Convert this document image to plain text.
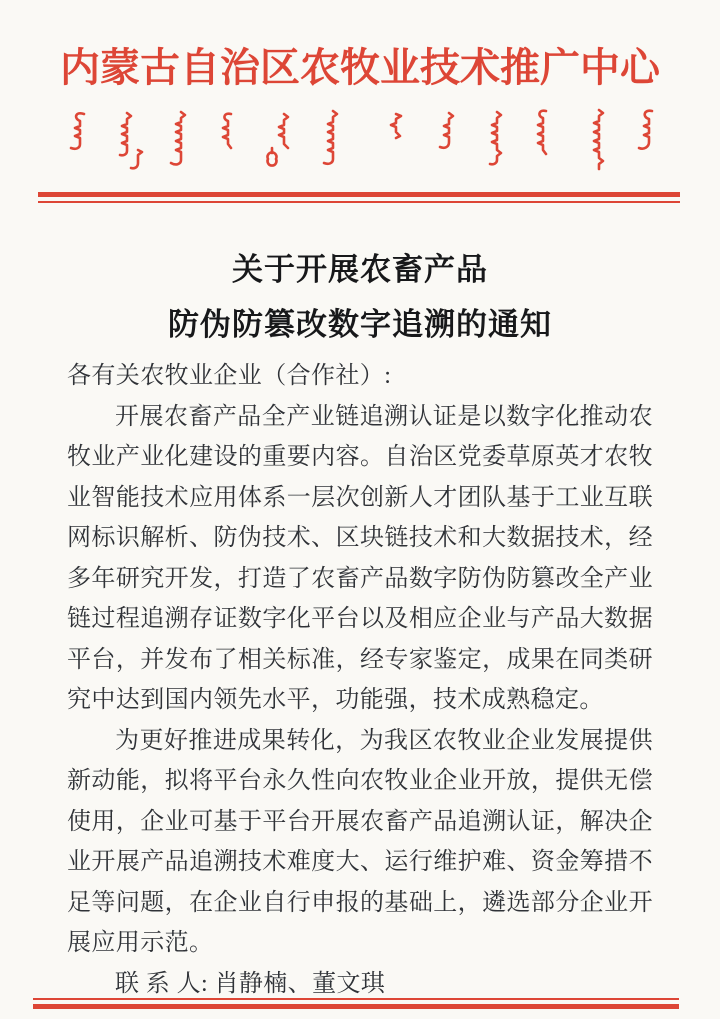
内蒙古自治区农牧业技术推广中心
关于开展农畜产品
防伪防篡改数字追溯的通知

各有关农牧业企业（合作社）:

开展农畜产品全产业链追溯认证是以数字化推动农牧业产业化建设的重要内容。自治区党委草原英才农牧业智能技术应用体系一层次创新人才团队基于工业互联网标识解析、防伪技术、区块链技术和大数据技术，经多年研究开发，打造了农畜产品数字防伪防篡改全产业链过程追溯存证数字化平台以及相应企业与产品大数据平台，并发布了相关标准，经专家鉴定，成果在同类研究中达到国内领先水平，功能强，技术成熟稳定。

为更好推进成果转化，为我区农牧业企业发展提供新动能，拟将平台永久性向农牧业企业开放，提供无偿使用，企业可基于平台开展农畜产品追溯认证，解决企业开展产品追溯技术难度大、运行维护难、资金筹措不足等问题，在企业自行申报的基础上，遴选部分企业开展应用示范。

联 系 人: 肖静楠、董文琪
